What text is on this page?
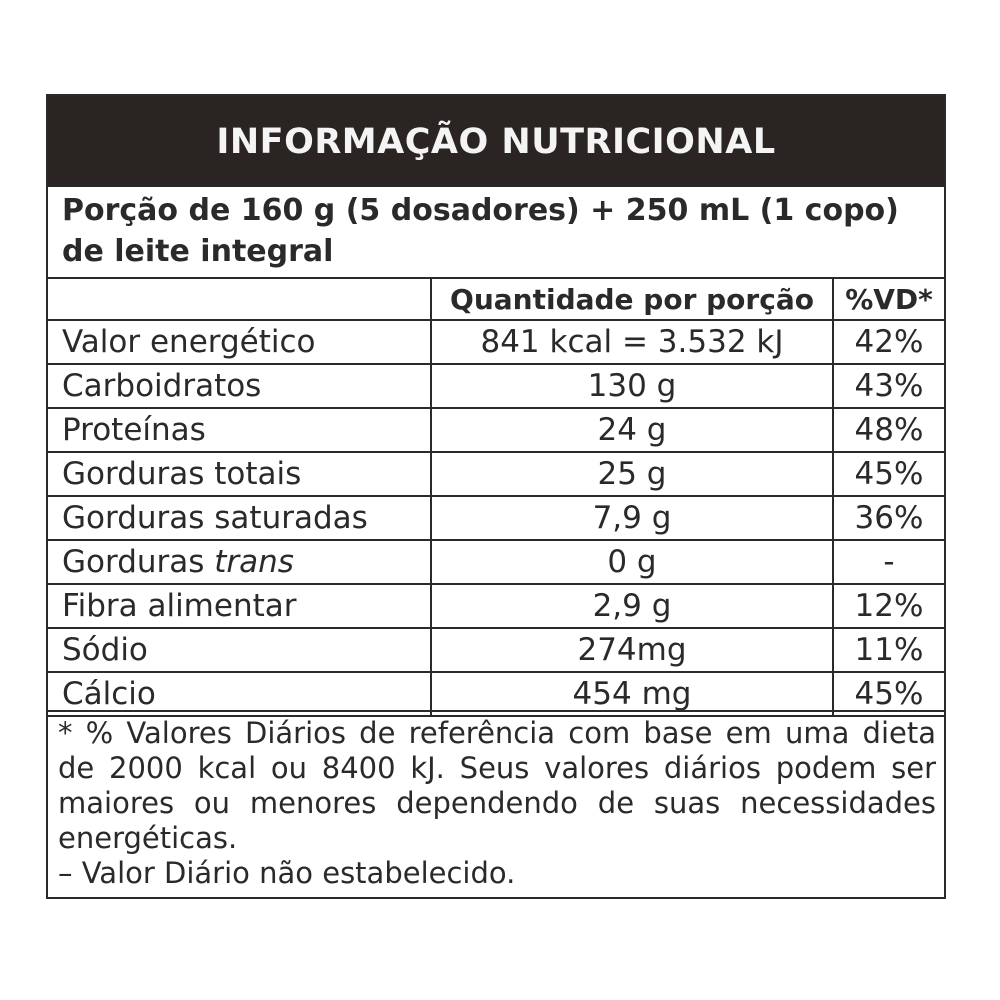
INFORMAÇÃO NUTRICIONAL
Porção de 160 g (5 dosadores) + 250 mL (1 copo) de leite integral
	Quantidade por porção	%VD*
Valor energético	841 kcal = 3.532 kJ	42%
Carboidratos	130 g	43%
Proteínas	24 g	48%
Gorduras totais	25 g	45%
Gorduras saturadas	7,9 g	36%
Gorduras trans	0 g	-
Fibra alimentar	2,9 g	12%
Sódio	274mg	11%
Cálcio	454 mg	45%
* % Valores Diários de referência com base em uma dieta de 2000 kcal ou 8400 kJ. Seus valores diários podem ser maiores ou menores dependendo de suas necessidades energéticas.
– Valor Diário não estabelecido.
